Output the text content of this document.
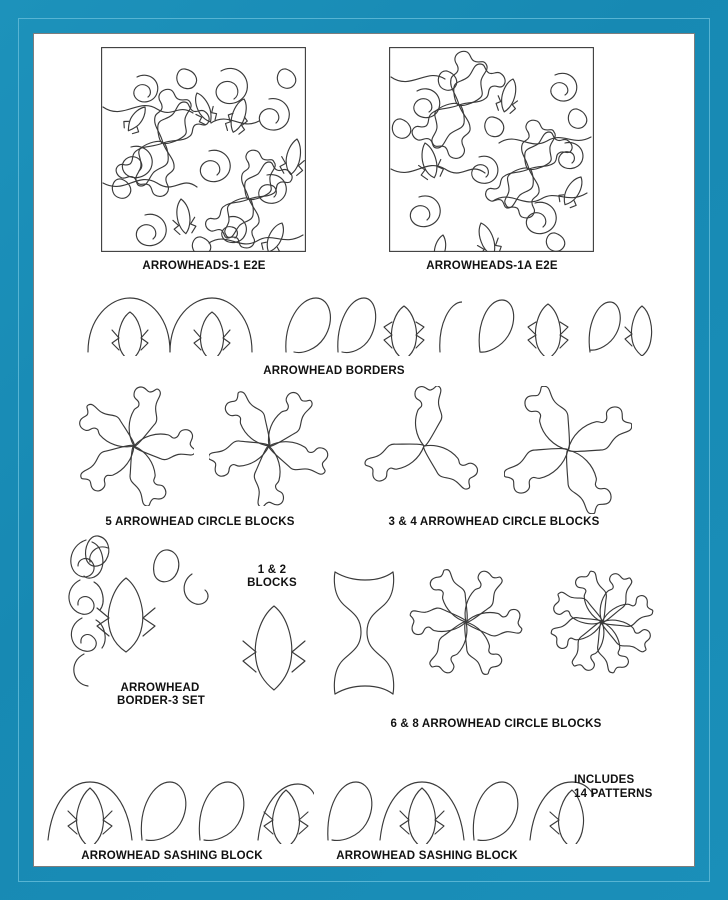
ARROWHEADS-1 E2E	ARROWHEADS-1A E2E
ARROWHEAD BORDERS
5 ARROWHEAD CIRCLE BLOCKS	3 & 4 ARROWHEAD CIRCLE BLOCKS
ARROWHEAD
BORDER-3 SET
1 & 2
BLOCKS
6 & 8 ARROWHEAD CIRCLE BLOCKS
INCLUDES
14 PATTERNS
ARROWHEAD SASHING BLOCK	ARROWHEAD SASHING BLOCK
